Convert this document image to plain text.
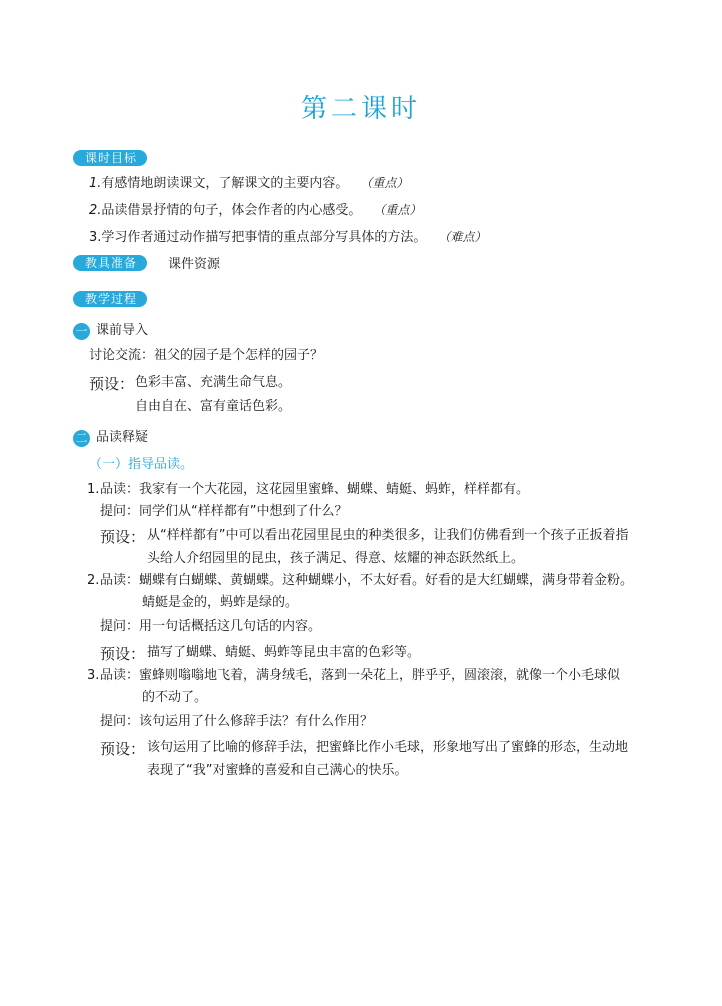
第二课时
课时目标
1.有感情地朗读课文，了解课文的主要内容。 （重点）
2.品读借景抒情的句子，体会作者的内心感受。 （重点）
3.学习作者通过动作描写把事情的重点部分写具体的方法。 （难点）
教具准备	课件资源
教学过程
一 课前导入
讨论交流：祖父的园子是个怎样的园子？
预设： 色彩丰富、充满生命气息。
自由自在、富有童话色彩。
二 品读释疑
（一）指导品读。
1. 品读：我家有一个大花园，这花园里蜜蜂、蝴蝶、蜻蜓、蚂蚱，样样都有。
提问：同学们从“样样都有”中想到了什么？
预设： 从“样样都有”中可以看出花园里昆虫的种类很多，让我们仿佛看到一个孩子正扳着指
头给人介绍园里的昆虫，孩子满足、得意、炫耀的神态跃然纸上。
2. 品读：蝴蝶有白蝴蝶、黄蝴蝶。这种蝴蝶小，不太好看。好看的是大红蝴蝶，满身带着金粉。
蜻蜓是金的，蚂蚱是绿的。
提问：用一句话概括这几句话的内容。
预设： 描写了蝴蝶、蜻蜓、蚂蚱等昆虫丰富的色彩等。
3. 品读：蜜蜂则嗡嗡地飞着，满身绒毛，落到一朵花上，胖乎乎，圆滚滚，就像一个小毛球似
的不动了。
提问：该句运用了什么修辞手法？有什么作用？
预设： 该句运用了比喻的修辞手法，把蜜蜂比作小毛球，形象地写出了蜜蜂的形态，生动地
表现了“我”对蜜蜂的喜爱和自己满心的快乐。
